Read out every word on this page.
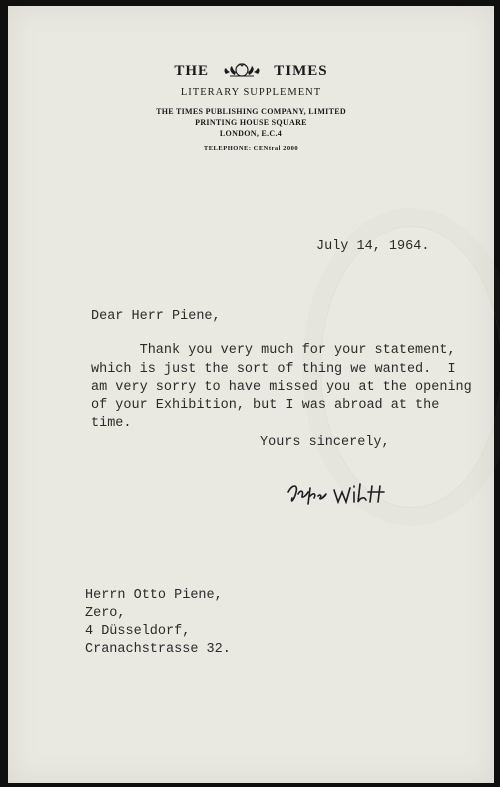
THE	TIMES
LITERARY SUPPLEMENT
THE TIMES PUBLISHING COMPANY, LIMITED
PRINTING HOUSE SQUARE
LONDON, E.C.4
TELEPHONE: CENtral 2000
July 14, 1964.
Dear Herr Piene,
Thank you very much for your statement,
which is just the sort of thing we wanted.  I
am very sorry to have missed you at the opening
of your Exhibition, but I was abroad at the
time.
Yours sincerely,
Herrn Otto Piene,
Zero,
4 Düsseldorf,
Cranachstrasse 32.
